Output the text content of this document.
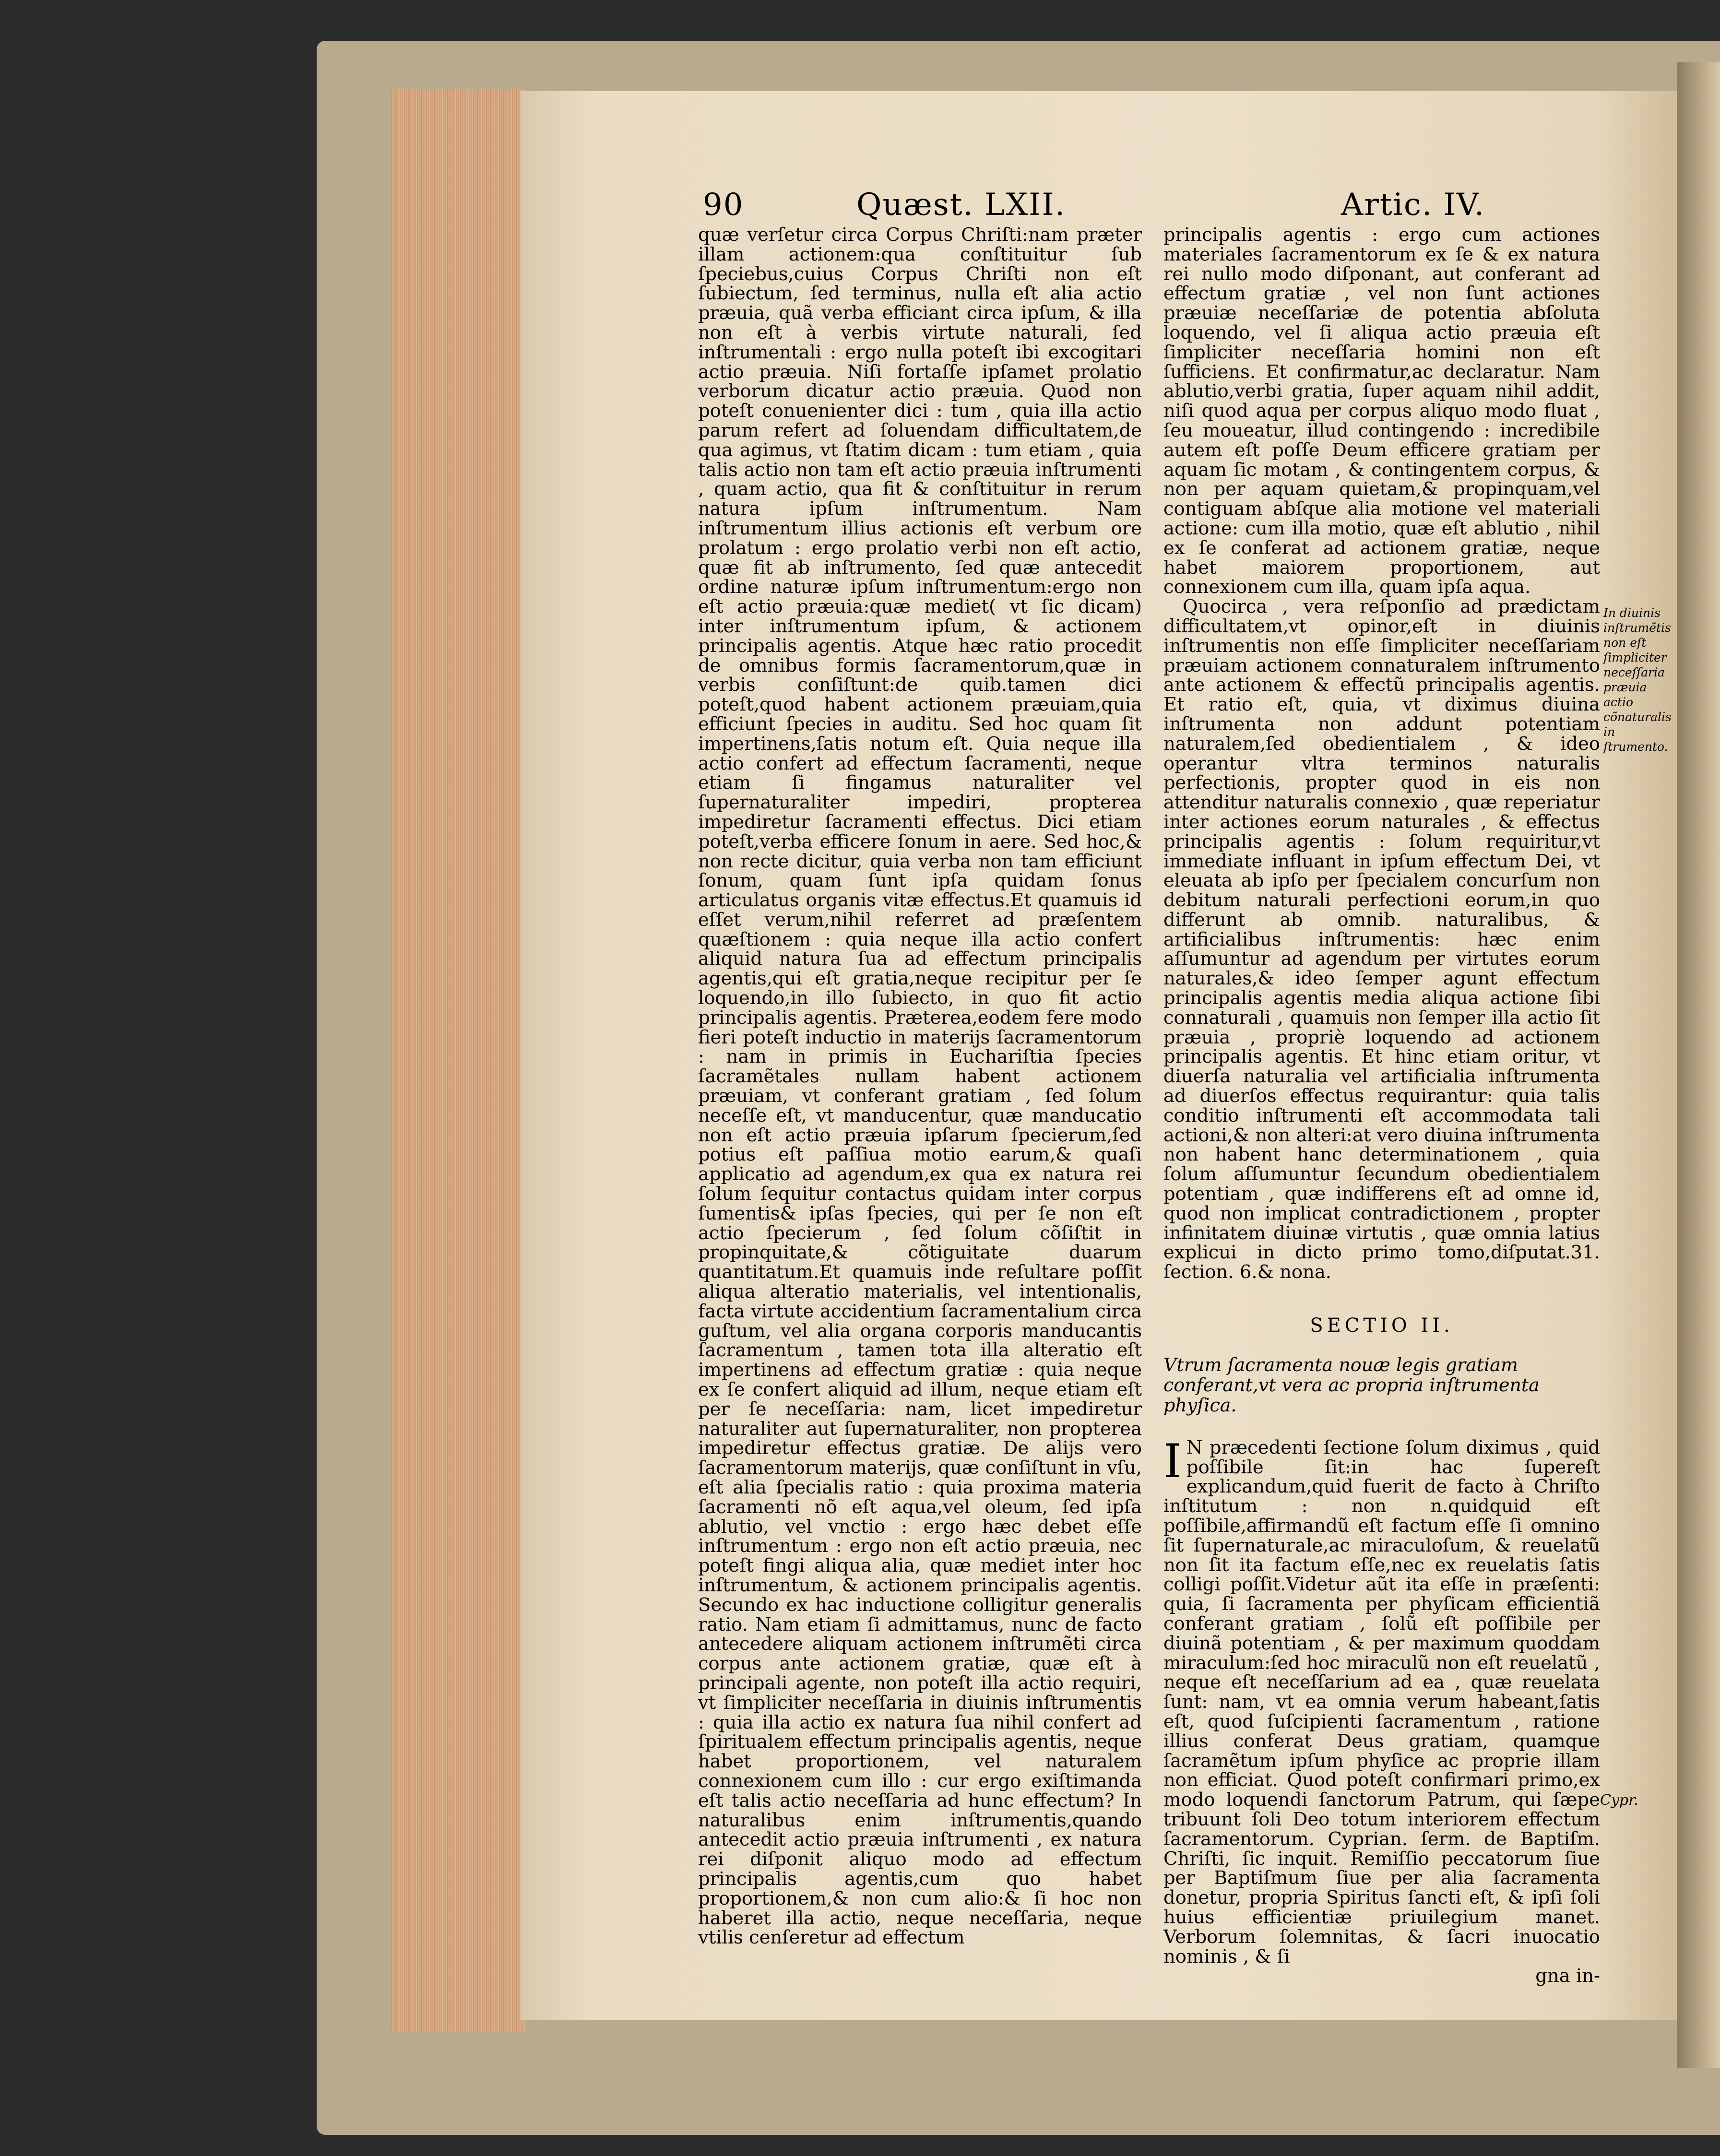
90	Quæst. LXII.	Artic. IV.

quæ verſetur circa Corpus Chriſti:nam præter illam actionem:qua conſtituitur ſub ſpeciebus,cuius Corpus Chriſti non eſt ſubiectum, ſed terminus, nulla eſt alia actio præuia, quã verba efficiant circa ipſum, & illa non eſt à verbis virtute naturali, ſed inſtrumentali : ergo nulla poteſt ibi excogitari actio præuia. Niſi fortaſſe ipſamet prolatio verborum dicatur actio præuia. Quod non poteſt conuenienter dici : tum , quia illa actio parum refert ad ſoluendam difficultatem,de qua agimus, vt ſtatim dicam : tum etiam , quia talis actio non tam eſt actio præuia inſtrumenti , quam actio, qua fit & conſtituitur in rerum natura ipſum inſtrumentum. Nam inſtrumentum illius actionis eſt verbum ore prolatum : ergo prolatio verbi non eſt actio, quæ fit ab inſtrumento, ſed quæ antecedit ordine naturæ ipſum inſtrumentum:ergo non eſt actio præuia:quæ mediet( vt ſic dicam) inter inſtrumentum ipſum, & actionem principalis agentis. Atque hæc ratio procedit de omnibus formis ſacramentorum,quæ in verbis conſiſtunt:de quib.tamen dici poteſt,quod habent actionem præuiam,quia efficiunt ſpecies in auditu. Sed hoc quam ſit impertinens,ſatis notum eſt. Quia neque illa actio confert ad effectum ſacramenti, neque etiam ſi fingamus naturaliter vel ſupernaturaliter impediri, propterea impediretur ſacramenti effectus. Dici etiam poteſt,verba efficere ſonum in aere. Sed hoc,& non recte dicitur, quia verba non tam efficiunt ſonum, quam ſunt ipſa quidam ſonus articulatus organis vitæ effectus.Et quamuis id eſſet verum,nihil referret ad præſentem quæſtionem : quia neque illa actio confert aliquid natura ſua ad effectum principalis agentis,qui eſt gratia,neque recipitur per ſe loquendo,in illo ſubiecto, in quo fit actio principalis agentis. Præterea,eodem fere modo fieri poteſt inductio in materijs ſacramentorum : nam in primis in Euchariſtia ſpecies ſacramẽtales nullam habent actionem præuiam, vt conferant gratiam , ſed ſolum neceſſe eſt, vt manducentur, quæ manducatio non eſt actio præuia ipſarum ſpecierum,ſed potius eſt paſſiua motio earum,& quaſi applicatio ad agendum,ex qua ex natura rei ſolum ſequitur contactus quidam inter corpus ſumentis& ipſas ſpecies, qui per ſe non eſt actio ſpecierum , ſed ſolum cõſiſtit in propinquitate,& cõtiguitate duarum quantitatum.Et quamuis inde reſultare poſſit aliqua alteratio materialis, vel intentionalis, facta virtute accidentium ſacramentalium circa guſtum, vel alia organa corporis manducantis ſacramentum , tamen tota illa alteratio eſt impertinens ad effectum gratiæ : quia neque ex ſe confert aliquid ad illum, neque etiam eſt per ſe neceſſaria: nam, licet impediretur naturaliter aut ſupernaturaliter, non propterea impediretur effectus gratiæ. De alijs vero ſacramentorum materijs, quæ conſiſtunt in vſu, eſt alia ſpecialis ratio : quia proxima materia ſacramenti nõ eſt aqua,vel oleum, ſed ipſa ablutio, vel vnctio : ergo hæc debet eſſe inſtrumentum : ergo non eſt actio præuia, nec poteſt fingi aliqua alia, quæ mediet inter hoc inſtrumentum, & actionem principalis agentis. Secundo ex hac inductione colligitur generalis ratio. Nam etiam ſi admittamus, nunc de facto antecedere aliquam actionem inſtrumẽti circa corpus ante actionem gratiæ, quæ eſt à principali agente, non poteſt illa actio requiri, vt ſimpliciter neceſſaria in diuinis inſtrumentis : quia illa actio ex natura ſua nihil confert ad ſpiritualem effectum principalis agentis, neque habet proportionem, vel naturalem connexionem cum illo : cur ergo exiſtimanda eſt talis actio neceſſaria ad hunc effectum? In naturalibus enim inſtrumentis,quando antecedit actio præuia inſtrumenti , ex natura rei diſponit aliquo modo ad effectum principalis agentis,cum quo habet proportionem,& non cum alio:& ſi hoc non haberet illa actio, neque neceſſaria, neque vtilis cenſeretur ad effectum

principalis agentis : ergo cum actiones materiales ſacramentorum ex ſe & ex natura rei nullo modo diſponant, aut conferant ad effectum gratiæ , vel non ſunt actiones præuiæ neceſſariæ de potentia abſoluta loquendo, vel ſi aliqua actio præuia eſt ſimpliciter neceſſaria homini non eſt ſufficiens. Et confirmatur,ac declaratur. Nam ablutio,verbi gratia, ſuper aquam nihil addit, niſi quod aqua per corpus aliquo modo fluat , ſeu moueatur, illud contingendo : incredibile autem eſt poſſe Deum efficere gratiam per aquam ſic motam , & contingentem corpus, & non per aquam quietam,& propinquam,vel contiguam abſque alia motione vel materiali actione: cum illa motio, quæ eſt ablutio , nihil ex ſe conferat ad actionem gratiæ, neque habet maiorem proportionem, aut connexionem cum illa, quam ipſa aqua.

Quocirca , vera reſponſio ad prædictam difficultatem,vt opinor,eſt in diuinis inſtrumentis non eſſe ſimpliciter neceſſariam præuiam actionem connaturalem inſtrumento ante actionem & effectũ principalis agentis. Et ratio eſt, quia, vt diximus diuina inſtrumenta non addunt potentiam naturalem,ſed obedientialem , & ideo operantur vltra terminos naturalis perfectionis, propter quod in eis non attenditur naturalis connexio , quæ reperiatur inter actiones eorum naturales , & effectus principalis agentis : ſolum requiritur,vt immediate influant in ipſum effectum Dei, vt eleuata ab ipſo per ſpecialem concurſum non debitum naturali perfectioni eorum,in quo differunt ab omnib. naturalibus, & artificialibus inſtrumentis: hæc enim aſſumuntur ad agendum per virtutes eorum naturales,& ideo ſemper agunt effectum principalis agentis media aliqua actione ſibi connaturali , quamuis non ſemper illa actio ſit præuia , propriè loquendo ad actionem principalis agentis. Et hinc etiam oritur, vt diuerſa naturalia vel artificialia inſtrumenta ad diuerſos effectus requirantur: quia talis conditio inſtrumenti eſt accommodata tali actioni,& non alteri:at vero diuina inſtrumenta non habent hanc determinationem , quia ſolum aſſumuntur ſecundum obedientialem potentiam , quæ indifferens eſt ad omne id, quod non implicat contradictionem , propter infinitatem diuinæ virtutis , quæ omnia latius explicui in dicto primo tomo,diſputat.31. ſection. 6.& nona.

SECTIO II.

Vtrum ſacramenta nouæ legis gratiam conferant,vt vera ac propria inſtrumenta phyſica.

I N præcedenti ſectione ſolum diximus , quid poſſibile ſit:in hac ſupereſt explicandum,quid fuerit de facto à Chriſto inſtitutum : non n.quidquid eſt poſſibile,affirmandũ eſt factum eſſe ſi omnino ſit ſupernaturale,ac miraculoſum, & reuelatũ non ſit ita factum eſſe,nec ex reuelatis ſatis colligi poſſit.Videtur aũt ita eſſe in præſenti: quia, ſi ſacramenta per phyſicam efficientiã conferant gratiam , ſolũ eſt poſſibile per diuinã potentiam , & per maximum quoddam miraculum:ſed hoc miraculũ non eſt reuelatũ , neque eſt neceſſarium ad ea , quæ reuelata ſunt: nam, vt ea omnia verum habeant,ſatis eſt, quod ſuſcipienti ſacramentum , ratione illius conferat Deus gratiam, quamque ſacramẽtum ipſum phyſice ac proprie illam non efficiat. Quod poteſt confirmari primo,ex modo loquendi ſanctorum Patrum, qui ſæpe tribuunt ſoli Deo totum interiorem effectum ſacramentorum. Cyprian. ſerm. de Baptiſm. Chriſti, ſic inquit. Remiſſio peccatorum ſiue per Baptiſmum ſiue per alia ſacramenta donetur, propria Spiritus ſancti eſt, & ipſi ſoli huius efficientiæ priuilegium manet. Verborum ſolemnitas, & ſacri inuocatio nominis , & ſi

gna in-

In diuinis inſtrumẽtis non eſt ſimpliciter neceſſaria præuia actio cõnaturalis in ſtrumento.
Cypr.
